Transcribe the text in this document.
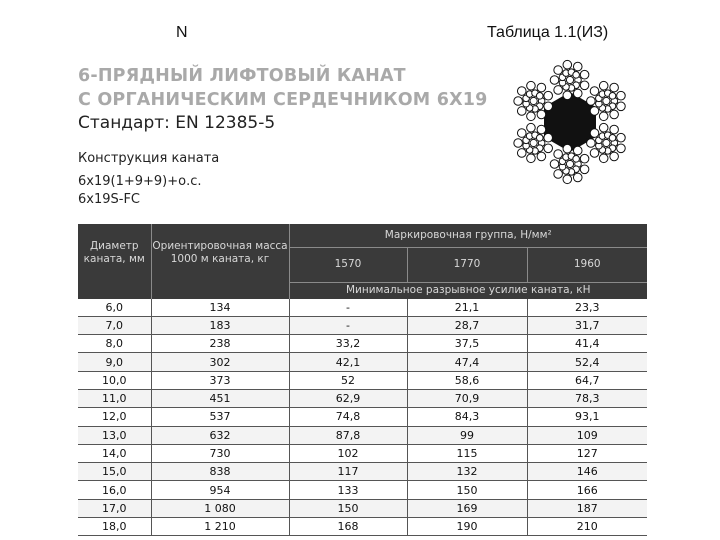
N	Таблица 1.1(ИЗ)
6-ПРЯДНЫЙ ЛИФТОВЫЙ КАНАТ
С ОРГАНИЧЕСКИМ СЕРДЕЧНИКОМ 6Х19
Стандарт: EN 12385-5
Конструкция каната
6x19(1+9+9)+о.с.
6x19S-FC
Диаметр каната, мм	Ориентировочная масса 1000 м каната, кг	Маркировочная группа, Н/мм²		
		1570	1770	1960
		Минимальное разрывное усилие каната, кН		
6,0	134	-	21,1	23,3
7,0	183	-	28,7	31,7
8,0	238	33,2	37,5	41,4
9,0	302	42,1	47,4	52,4
10,0	373	52	58,6	64,7
11,0	451	62,9	70,9	78,3
12,0	537	74,8	84,3	93,1
13,0	632	87,8	99	109
14,0	730	102	115	127
15,0	838	117	132	146
16,0	954	133	150	166
17,0	1 080	150	169	187
18,0	1 210	168	190	210
